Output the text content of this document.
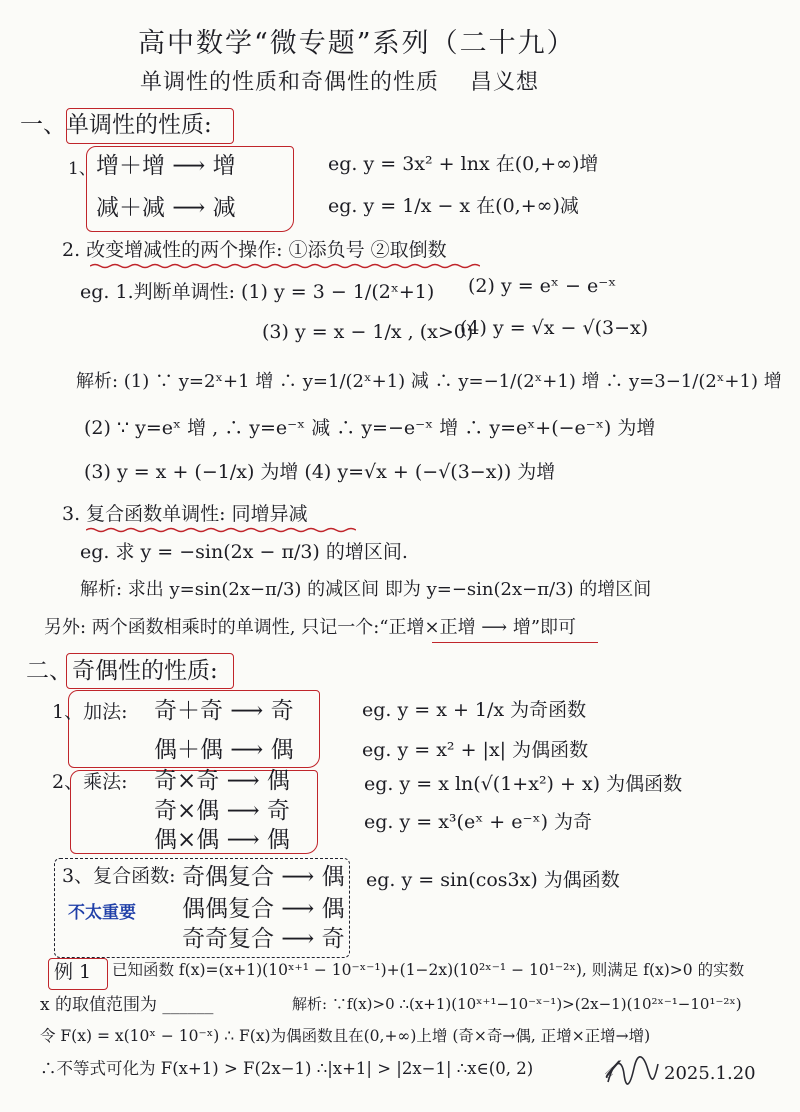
高中数学“微专题”系列（二十九）
单调性的性质和奇偶性的性质 昌义想
一、单调性的性质:
1、 增＋增 ⟶ 增
减＋减 ⟶ 减
eg. y = 3x² + lnx 在(0,+∞)增
eg. y = 1/x − x 在(0,+∞)减
2. 改变增减性的两个操作: ①添负号 ②取倒数
eg. 1.判断单调性: (1) y = 3 − 1/(2ˣ+1) (2) y = eˣ − e⁻ˣ
(3) y = x − 1/x , (x>0)
(4) y = √x − √(3−x)
解析: (1) ∵ y=2ˣ+1 增 ∴ y=1/(2ˣ+1) 减 ∴ y=−1/(2ˣ+1) 增 ∴ y=3−1/(2ˣ+1) 增
(2) ∵ y=eˣ 增 , ∴ y=e⁻ˣ 减 ∴ y=−e⁻ˣ 增 ∴ y=eˣ+(−e⁻ˣ) 为增
(3) y = x + (−1/x) 为增 (4) y=√x + (−√(3−x)) 为增
3. 复合函数单调性: 同增异减
eg. 求 y = −sin(2x − π/3) 的增区间.
解析: 求出 y=sin(2x−π/3) 的减区间 即为 y=−sin(2x−π/3) 的增区间
另外: 两个函数相乘时的单调性, 只记一个:“正增×正增 ⟶ 增”即可
二、奇偶性的性质:
1、加法: 奇＋奇 ⟶ 奇
偶＋偶 ⟶ 偶
eg. y = x + 1/x 为奇函数
eg. y = x² + |x| 为偶函数
2、乘法: 奇×奇 ⟶ 偶
奇×偶 ⟶ 奇
偶×偶 ⟶ 偶
eg. y = x ln(√(1+x²) + x) 为偶函数
eg. y = x³(eˣ + e⁻ˣ) 为奇
3、复合函数:
不太重要
奇偶复合 ⟶ 偶
偶偶复合 ⟶ 偶
奇奇复合 ⟶ 奇
eg. y = sin(cos3x) 为偶函数
例 1 已知函数 f(x)=(x+1)(10ˣ⁺¹ − 10⁻ˣ⁻¹)+(1−2x)(10²ˣ⁻¹ − 10¹⁻²ˣ), 则满足 f(x)>0 的实数
x 的取值范围为 ______	解析: ∵f(x)>0 ∴(x+1)(10ˣ⁺¹−10⁻ˣ⁻¹)>(2x−1)(10²ˣ⁻¹−10¹⁻²ˣ)
令 F(x) = x(10ˣ − 10⁻ˣ) ∴ F(x)为偶函数且在(0,+∞)上增 (奇×奇→偶, 正增×正增→增)
∴不等式可化为 F(x+1) > F(2x−1) ∴|x+1| > |2x−1| ∴x∈(0, 2)	𝓁	2025.1.20
